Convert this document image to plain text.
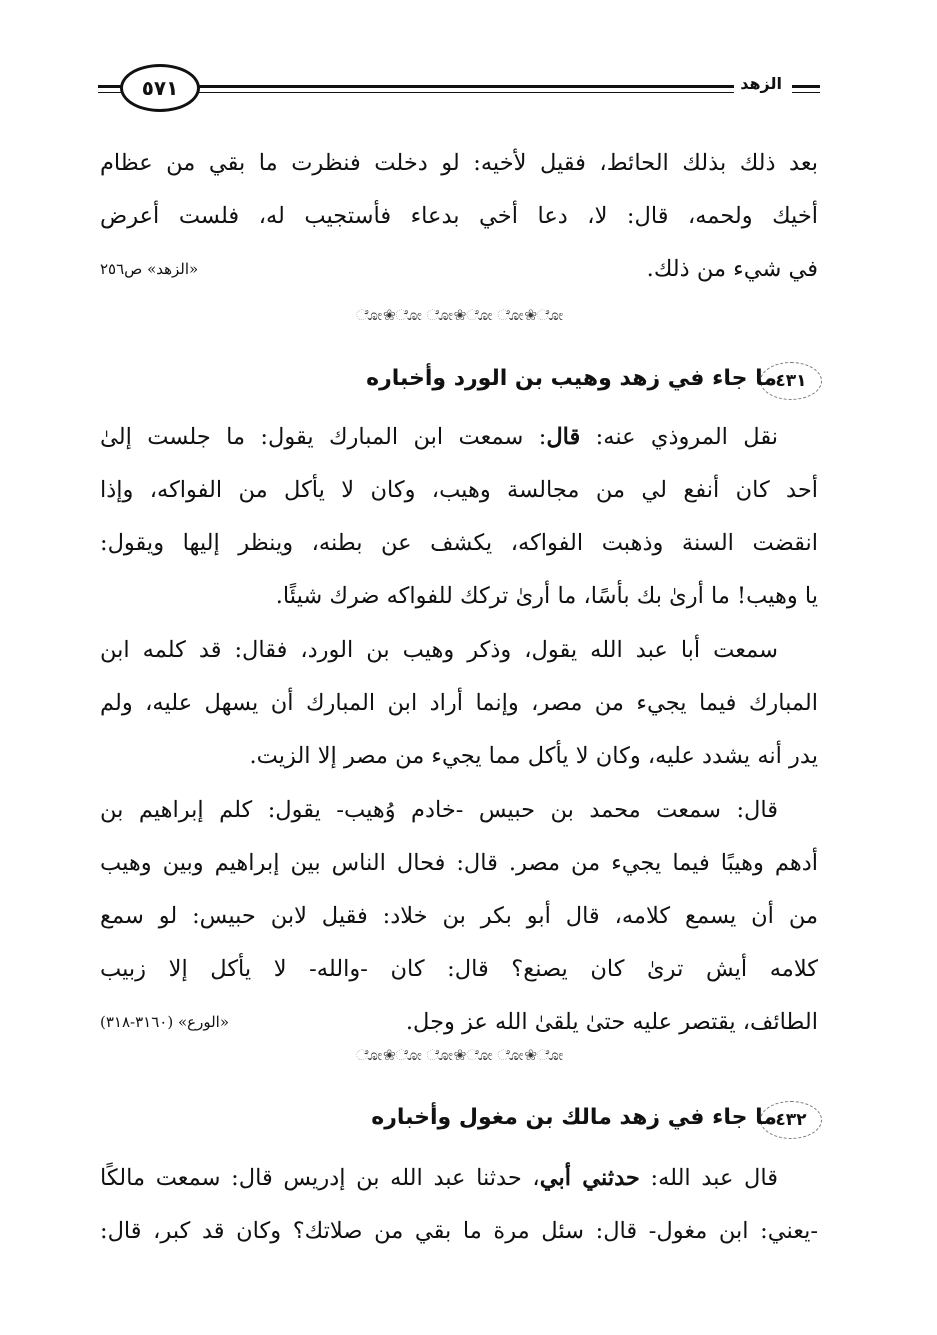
٥٧١	الزهد
بعد ذلك بذلك الحائط، فقيل لأخيه: لو دخلت فنظرت ما بقي من عظام
أخيك ولحمه، قال: لا، دعا أخي بدعاء فأستجيب له، فلست أعرض
في شيء من ذلك.
«الزهد» ص٢٥٦
ೋ❀ೋ ೋ❀ೋ ೋ❀ೋ
٤٣١
ما جاء في زهد وهيب بن الورد وأخباره
نقل المروذي عنه: قال: سمعت ابن المبارك يقول: ما جلست إلىٰ
أحد كان أنفع لي من مجالسة وهيب، وكان لا يأكل من الفواكه، وإذا
انقضت السنة وذهبت الفواكه، يكشف عن بطنه، وينظر إليها ويقول:
يا وهيب! ما أرىٰ بك بأسًا، ما أرىٰ تركك للفواكه ضرك شيئًا.
سمعت أبا عبد الله يقول، وذكر وهيب بن الورد، فقال: قد كلمه ابن
المبارك فيما يجيء من مصر، وإنما أراد ابن المبارك أن يسهل عليه، ولم
يدر أنه يشدد عليه، وكان لا يأكل مما يجيء من مصر إلا الزيت.
قال: سمعت محمد بن حبيس -خادم وُهيب- يقول: كلم إبراهيم بن
أدهم وهيبًا فيما يجيء من مصر. قال: فحال الناس بين إبراهيم وبين وهيب
من أن يسمع كلامه، قال أبو بكر بن خلاد: فقيل لابن حبيس: لو سمع
كلامه أيش ترىٰ كان يصنع؟ قال: كان -والله- لا يأكل إلا زبيب
الطائف، يقتصر عليه حتىٰ يلقىٰ الله عز وجل.
«الورع» (٣١٦٠-٣١٨)
ೋ❀ೋ ೋ❀ೋ ೋ❀ೋ
٤٣٢
ما جاء في زهد مالك بن مغول وأخباره
قال عبد الله: حدثني أبي، حدثنا عبد الله بن إدريس قال: سمعت مالكًا
-يعني: ابن مغول- قال: سئل مرة ما بقي من صلاتك؟ وكان قد كبر، قال:
